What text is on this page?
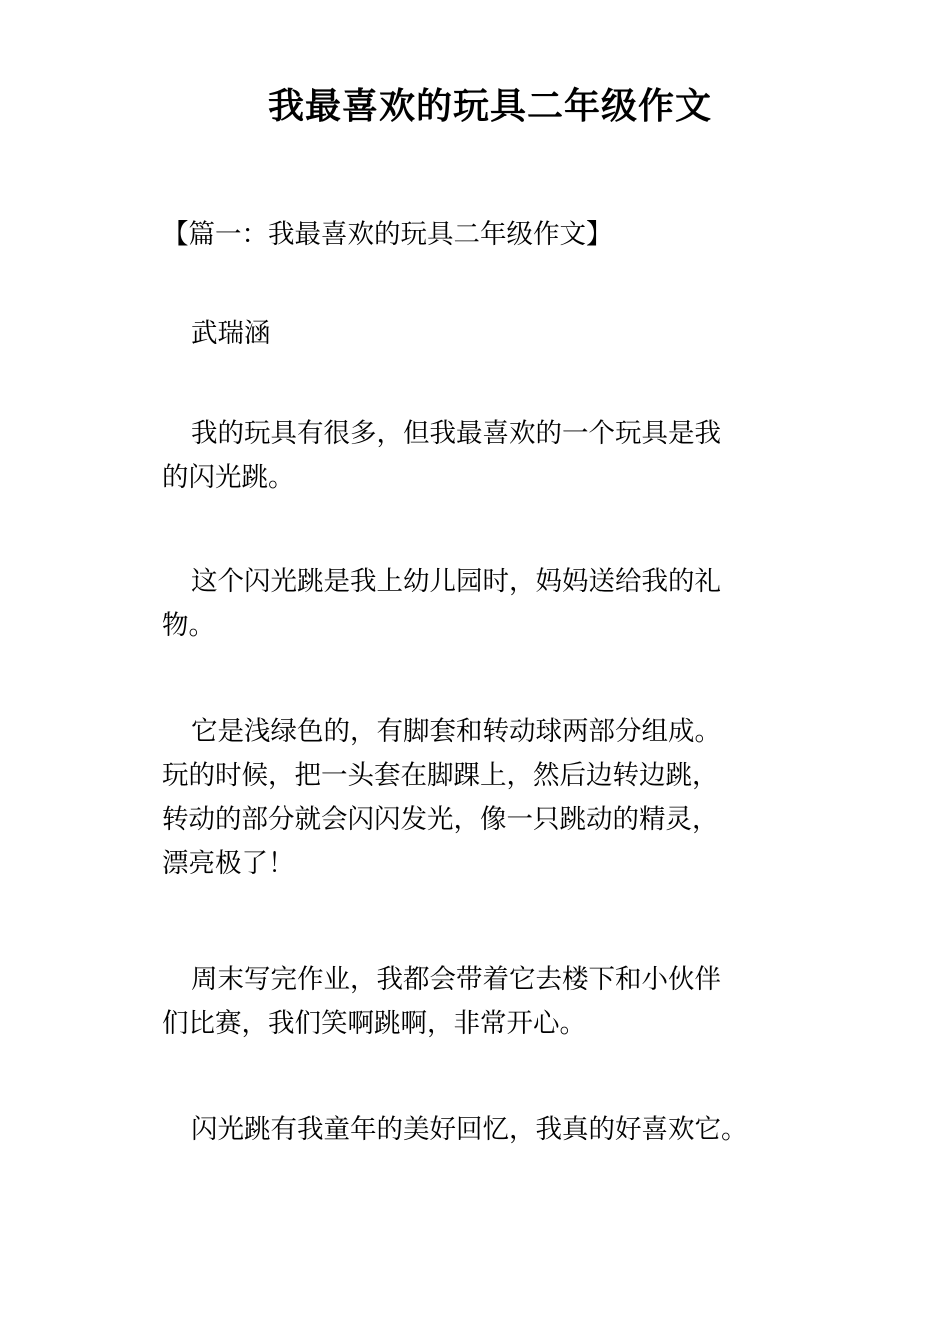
我最喜欢的玩具二年级作文

【篇一：我最喜欢的玩具二年级作文】

武瑞涵

我的玩具有很多，但我最喜欢的一个玩具是我
的闪光跳。

这个闪光跳是我上幼儿园时，妈妈送给我的礼
物。

它是浅绿色的，有脚套和转动球两部分组成。
玩的时候，把一头套在脚踝上，然后边转边跳，
转动的部分就会闪闪发光，像一只跳动的精灵，
漂亮极了！

周末写完作业，我都会带着它去楼下和小伙伴
们比赛，我们笑啊跳啊，非常开心。

闪光跳有我童年的美好回忆，我真的好喜欢它。
